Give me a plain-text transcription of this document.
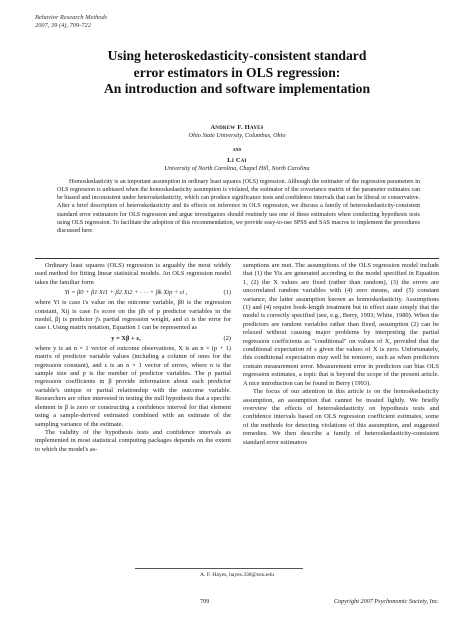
Behavior Research Methods
2007, 39 (4), 709-722
Using heteroskedasticity-consistent standard
error estimators in OLS regression:
An introduction and software implementation
Andrew F. Hayes
Ohio State University, Columbus, Ohio
and
Li Cai
University of North Carolina, Chapel Hill, North Carolina

Homoskedasticity is an important assumption in ordinary least squares (OLS) regression. Although the estimator of the regression parameters in OLS regression is unbiased when the homoskedasticity assumption is violated, the estimator of the covariance matrix of the parameter estimates can be biased and inconsistent under heteroskedasticity, which can produce significance tests and confidence intervals that can be liberal or conservative. After a brief description of heteroskedasticity and its effects on inference in OLS regression, we discuss a family of heteroskedasticity-consistent standard error estimators for OLS regression and argue investigators should routinely use one of these estimators when conducting hypothesis tests using OLS regression. To facilitate the adoption of this recommendation, we provide easy-to-use SPSS and SAS macros to implement the procedures discussed here.

Ordinary least squares (OLS) regression is arguably the most widely used method for fitting linear statistical models. An OLS regression model takes the familiar form

Yi = β0 + β1 Xi1 + β2 Xi2 + · · · + βk Xip + εi ,	(1)

where Yi is case i's value on the outcome variable, β0 is the regression constant, Xij is case i's score on the jth of p predictor variables in the model, βj is predictor j's partial regression weight, and εi is the error for case i. Using matrix notation, Equation 1 can be represented as

y = Xβ + ε,	(2)

where y is an n × 1 vector of outcome observations, X is an n × (p + 1) matrix of predictor variable values (including a column of ones for the regression constant), and ε is an n × 1 vector of errors, where n is the sample size and p is the number of predictor variables. The p partial regression coefficients in β provide information about each predictor variable's unique or partial relationship with the outcome variable. Researchers are often interested in testing the null hypothesis that a specific element in β is zero or constructing a confidence interval for that element using a sample-derived estimated combined with an estimate of the sampling variance of the estimate.

The validity of the hypothesis tests and confidence intervals as implemented in most statistical computing packages depends on the extent to which the model's as-

sumptions are met. The assumptions of the OLS regression model include that (1) the Yis are generated according to the model specified in Equation 1, (2) the X values are fixed (rather than random), (3) the errors are uncorrelated random variables with (4) zero means, and (5) constant variance, the latter assumption known as homoskedasticity. Assumptions (1) and (4) require book-length treatment but in effect state simply that the model is correctly specified (see, e.g., Berry, 1993; White, 1980). When the predictors are random variables rather than fixed, assumption (2) can be relaxed without causing major problems by interpreting the partial regression coefficients as "conditional" on values of X, provided that the conditional expectation of ε given the values of X is zero. Unfortunately, this conditional expectation may well be nonzero, such as when predictors contain measurement error. Measurement error in predictors can bias OLS regression estimates, a topic that is beyond the scope of the present article. A nice introduction can be found in Berry (1993).

The focus of our attention in this article is on the homoskedasticity assumption, an assumption that cannot be treated lightly. We briefly overview the effects of heteroskedasticity on hypothesis tests and confidence intervals based on OLS regression coefficient estimates, some of the methods for detecting violations of this assumption, and suggested remedies. We then describe a family of heteroskedasticity-consistent standard error estimators

A. F. Hayes, hayes.338@osu.edu
709	Copyright 2007 Psychonomic Society, Inc.
